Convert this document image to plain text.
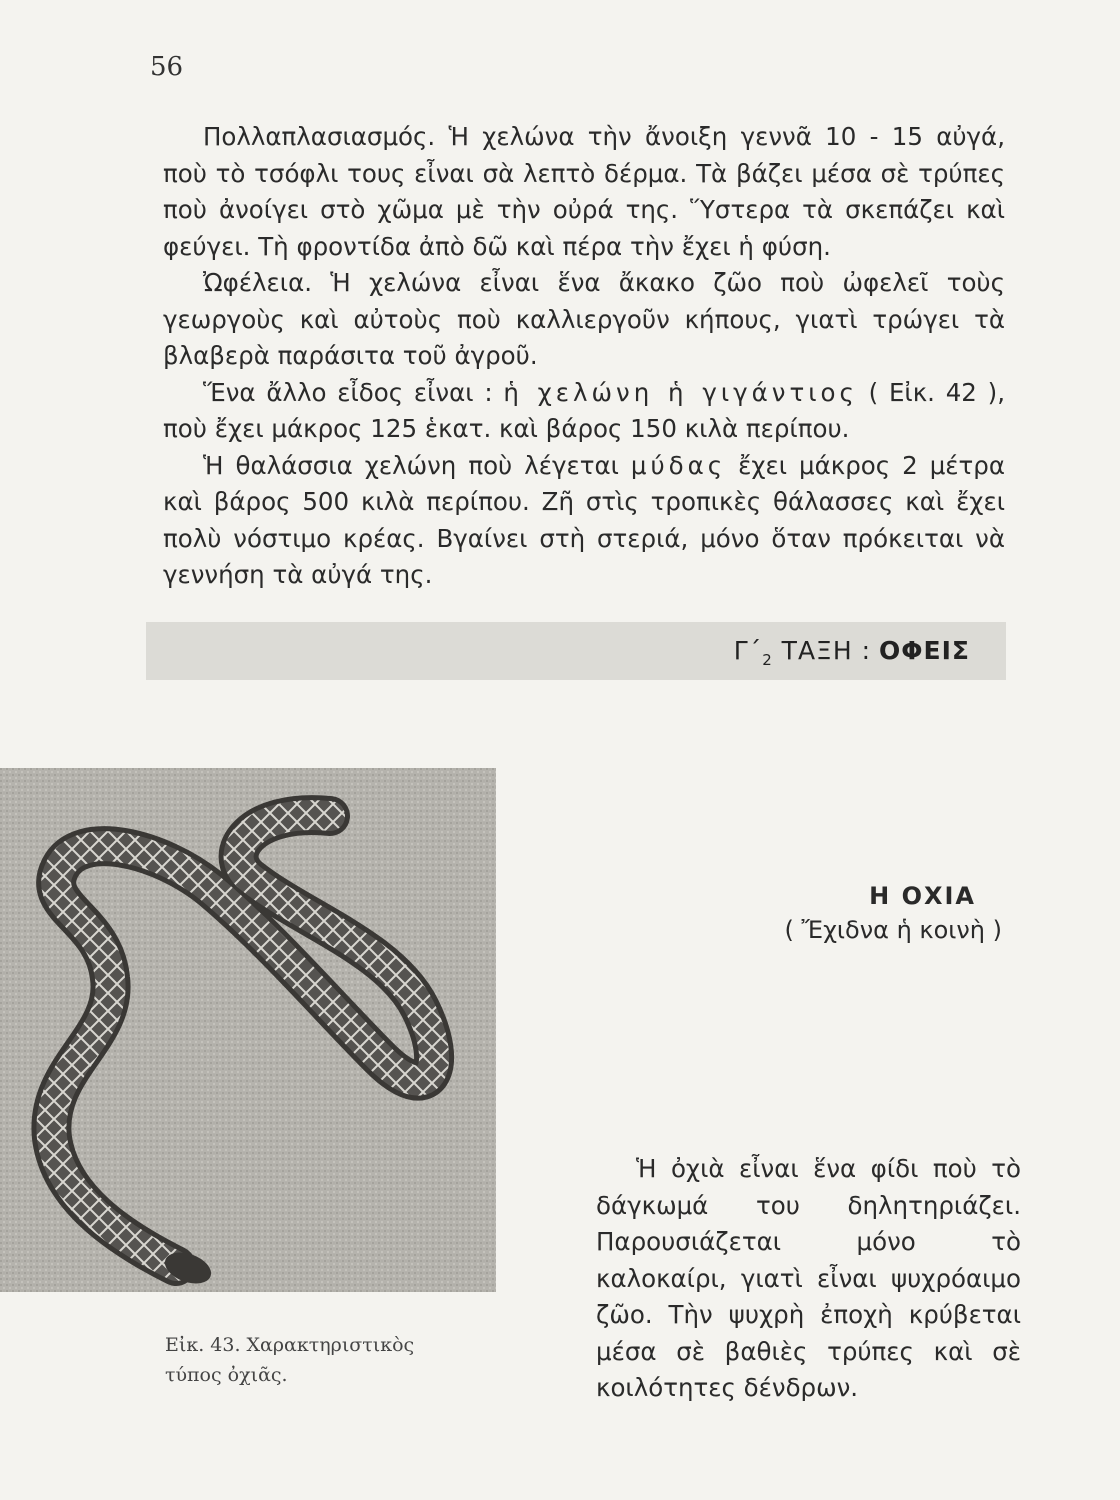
56

Πολλαπλασιασμός. Ἡ χελώνα τὴν ἄνοιξη γεννᾶ 10 - 15 αὐγά, ποὺ τὸ τσόφλι τους εἶναι σὰ λεπτὸ δέρμα. Τὰ βάζει μέσα σὲ τρύπες ποὺ ἀνοίγει στὸ χῶμα μὲ τὴν οὐρά της. Ὕστερα τὰ σκεπάζει καὶ φεύγει. Τὴ φροντίδα ἀπὸ δῶ καὶ πέρα τὴν ἔχει ἡ φύση.

Ὠφέλεια. Ἡ χελώνα εἶναι ἕνα ἄκακο ζῶο ποὺ ὠφελεῖ τοὺς γεωργοὺς καὶ αὐτοὺς ποὺ καλλιεργοῦν κήπους, γιατὶ τρώγει τὰ βλαβερὰ παράσιτα τοῦ ἀγροῦ.

Ἕνα ἄλλο εἶδος εἶναι : ἡ χελώνη ἡ γιγάντιος ( Εἰκ. 42 ), ποὺ ἔχει μάκρος 125 ἑκατ. καὶ βάρος 150 κιλὰ περίπου.

Ἡ θαλάσσια χελώνη ποὺ λέγεται μύδας ἔχει μάκρος 2 μέτρα καὶ βάρος 500 κιλὰ περίπου. Ζῆ στὶς τροπικὲς θάλασσες καὶ ἔχει πολὺ νόστιμο κρέας. Βγαίνει στὴ στεριά, μόνο ὅταν πρόκειται νὰ γεννήση τὰ αὐγά της.

$\Gamma΄_2$ ΤΑΞΗ : ΟΦΕΙΣ

Εἰκ. 43. Χαρακτηριστικὸς τύπος ὀχιᾶς.

Η ΟΧΙΑ

( Ἔχιδνα ἡ κοινὴ )

Ἡ ὀχιὰ εἶναι ἕνα φίδι ποὺ τὸ δάγκωμά του δηλητηριάζει. Παρουσιάζεται μόνο τὸ καλοκαίρι, γιατὶ εἶναι ψυχρόαιμο ζῶο. Τὴν ψυχρὴ ἐποχὴ κρύβεται μέσα σὲ βαθιὲς τρύπες καὶ σὲ κοιλότητες δένδρων.
